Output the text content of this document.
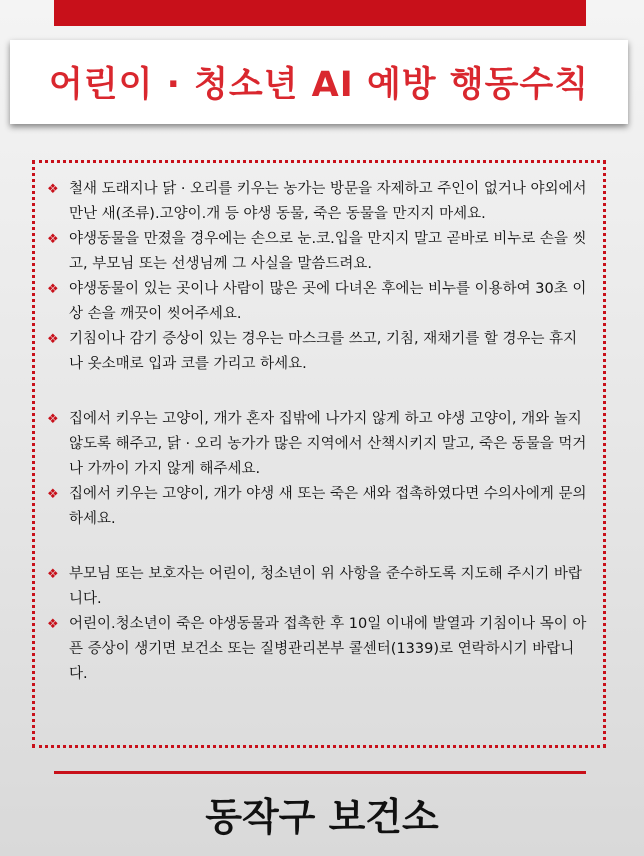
어린이 · 청소년 AI 예방 행동수칙
❖ 철새 도래지나 닭 · 오리를 키우는 농가는 방문을 자제하고 주인이 없거나 야외에서 만난 새(조류).고양이.개 등 야생 동물, 죽은 동물을 만지지 마세요.
❖ 야생동물을 만졌을 경우에는 손으로 눈.코.입을 만지지 말고 곧바로 비누로 손을 씻고, 부모님 또는 선생님께 그 사실을 말씀드려요.
❖ 야생동물이 있는 곳이나 사람이 많은 곳에 다녀온 후에는 비누를 이용하여 30초 이상 손을 깨끗이 씻어주세요.
❖ 기침이나 감기 증상이 있는 경우는 마스크를 쓰고, 기침, 재채기를 할 경우는 휴지나 옷소매로 입과 코를 가리고 하세요.
❖ 집에서 키우는 고양이, 개가 혼자 집밖에 나가지 않게 하고 야생 고양이, 개와 놀지 않도록 해주고, 닭 · 오리 농가가 많은 지역에서 산책시키지 말고, 죽은 동물을 먹거나 가까이 가지 않게 해주세요.
❖ 집에서 키우는 고양이, 개가 야생 새 또는 죽은 새와 접촉하였다면 수의사에게 문의하세요.
❖ 부모님 또는 보호자는 어린이, 청소년이 위 사항을 준수하도록 지도해 주시기 바랍니다.
❖ 어린이.청소년이 죽은 야생동물과 접촉한 후 10일 이내에 발열과 기침이나 목이 아픈 증상이 생기면 보건소 또는 질병관리본부 콜센터(1339)로 연락하시기 바랍니다.
동작구 보건소
